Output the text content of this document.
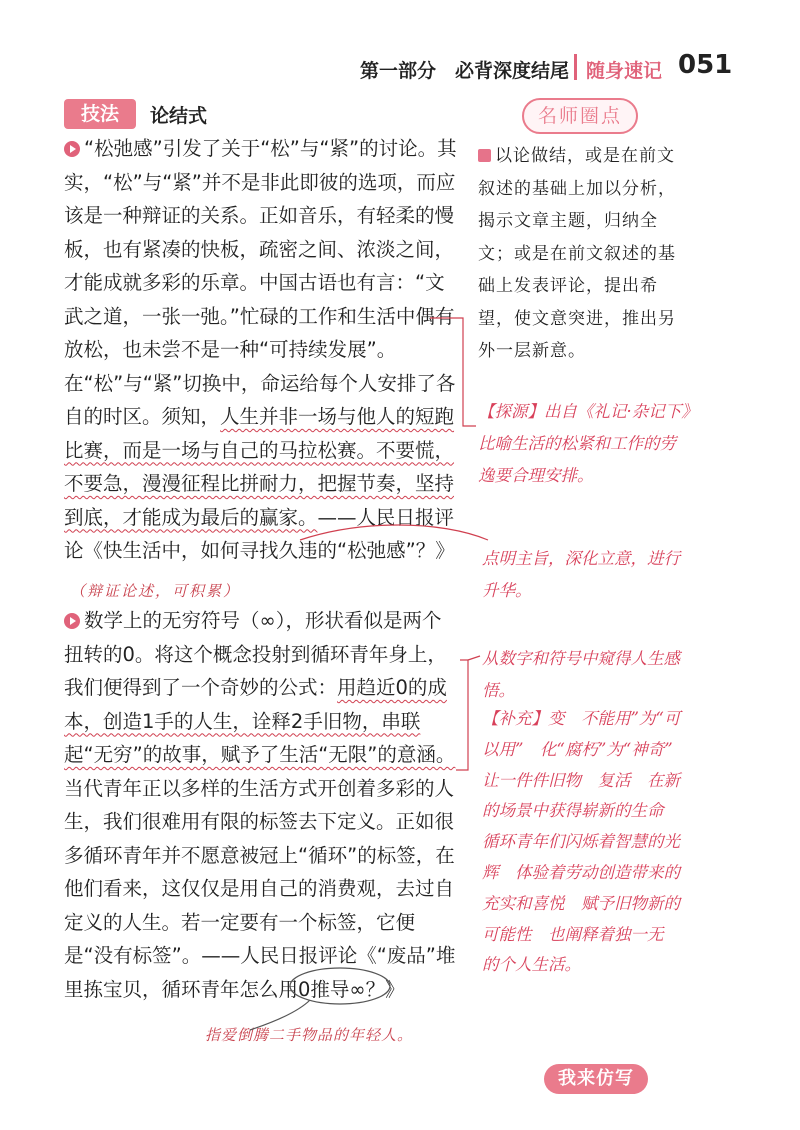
第一部分　必背深度结尾 随身速记 051
技法	论结式	名师圈点
“松弛感”引发了关于“松”与“紧”的讨论。其实，“松”与“紧”并不是非此即彼的选项，而应该是一种辩证的关系。正如音乐，有轻柔的慢板，也有紧凑的快板，疏密之间、浓淡之间，才能成就多彩的乐章。中国古语也有言：“文武之道，一张一弛。”忙碌的工作和生活中偶有放松，也未尝不是一种“可持续发展”。在“松”与“紧”切换中，命运给每个人安排了各自的时区。须知，人生并非一场与他人的短跑比赛，而是一场与自己的马拉松赛。不要慌，不要急，漫漫征程比拼耐力，把握节奏，坚持到底，才能成为最后的赢家。——人民日报评论《快生活中，如何寻找久违的“松弛感”？》
（辩证论述，可积累）
数学上的无穷符号（∞），形状看似是两个扭转的0。将这个概念投射到循环青年身上，我们便得到了一个奇妙的公式：用趋近0的成本，创造1手的人生，诠释2手旧物，串联起“无穷”的故事，赋予了生活“无限”的意涵。当代青年正以多样的生活方式开创着多彩的人生，我们很难用有限的标签去下定义。正如很多循环青年并不愿意被冠上“循环”的标签，在他们看来，这仅仅是用自己的消费观，去过自定义的人生。若一定要有一个标签，它便是“没有标签”。——人民日报评论《“废品”堆里拣宝贝，循环青年怎么用0推导∞？》
指爱倒腾二手物品的年轻人。
以论做结，或是在前文叙述的基础上加以分析，揭示文章主题，归纳全文；或是在前文叙述的基础上发表评论，提出希望，使文意突进，推出另外一层新意。
【探源】出自《礼记·杂记下》比喻生活的松紧和工作的劳逸要合理安排。
点明主旨，深化立意，进行升华。
从数字和符号中窥得人生感悟。
【补充】变　不能用”为“可以用”　化“腐朽”为“神奇”　让一件件旧物　复活　在新的场景中获得崭新的生命　循环青年们闪烁着智慧的光辉　体验着劳动创造带来的充实和喜悦　赋予旧物新的可能性　也阐释着独一无　的个人生活。
我来仿写
